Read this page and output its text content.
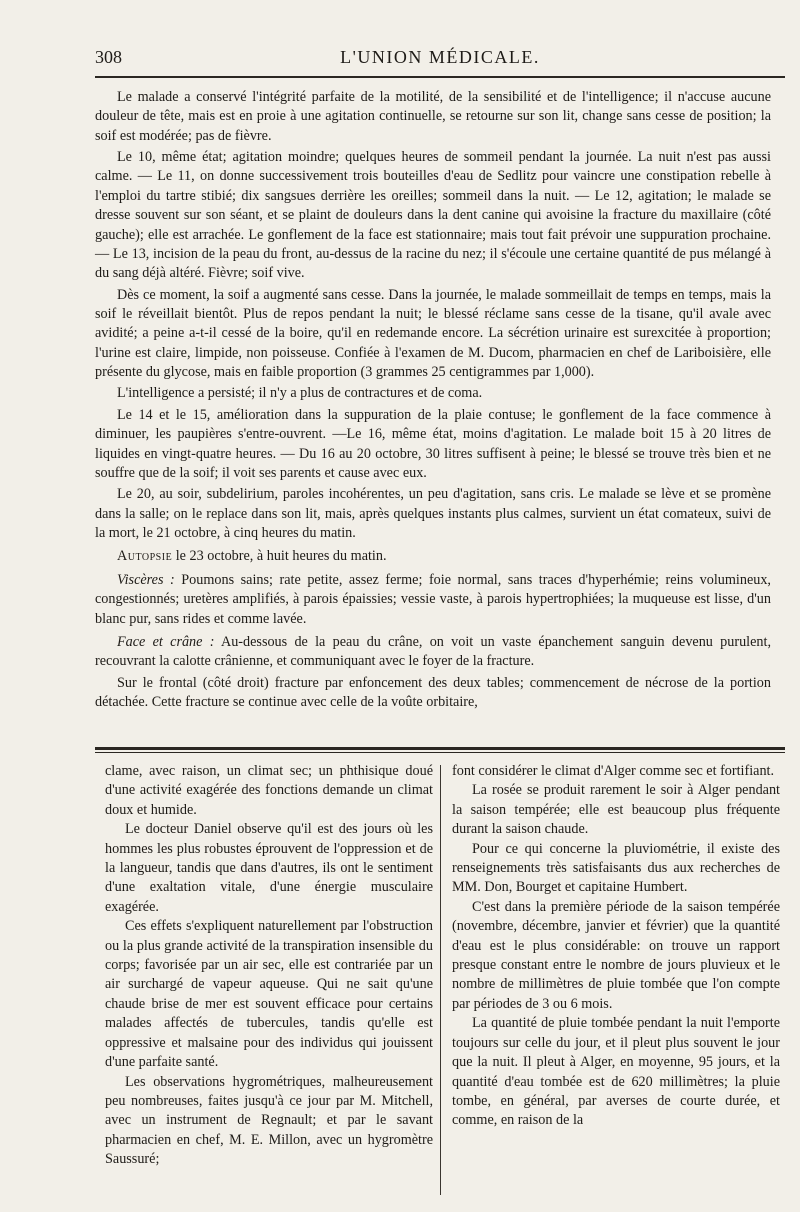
308	L'UNION MÉDICALE.

Le malade a conservé l'intégrité parfaite de la motilité, de la sensibilité et de l'intelligence; il n'accuse aucune douleur de tête, mais est en proie à une agitation continuelle, se retourne sur son lit, change sans cesse de position; la soif est modérée; pas de fièvre.

Le 10, même état; agitation moindre; quelques heures de sommeil pendant la journée. La nuit n'est pas aussi calme. — Le 11, on donne successivement trois bouteilles d'eau de Sedlitz pour vaincre une constipation rebelle à l'emploi du tartre stibié; dix sangsues derrière les oreilles; sommeil dans la nuit. — Le 12, agitation; le malade se dresse souvent sur son séant, et se plaint de douleurs dans la dent canine qui avoisine la fracture du maxillaire (côté gauche); elle est arrachée. Le gonflement de la face est stationnaire; mais tout fait prévoir une suppuration prochaine. — Le 13, incision de la peau du front, au-dessus de la racine du nez; il s'écoule une certaine quantité de pus mélangé à du sang déjà altéré. Fièvre; soif vive.

Dès ce moment, la soif a augmenté sans cesse. Dans la journée, le malade sommeillait de temps en temps, mais la soif le réveillait bientôt. Plus de repos pendant la nuit; le blessé réclame sans cesse de la tisane, qu'il avale avec avidité; a peine a-t-il cessé de la boire, qu'il en redemande encore. La sécrétion urinaire est surexcitée à proportion; l'urine est claire, limpide, non poisseuse. Confiée à l'examen de M. Ducom, pharmacien en chef de Lariboisière, elle présente du glycose, mais en faible proportion (3 grammes 25 centigrammes par 1,000).

L'intelligence a persisté; il n'y a plus de contractures et de coma.

Le 14 et le 15, amélioration dans la suppuration de la plaie contuse; le gonflement de la face commence à diminuer, les paupières s'entre-ouvrent. —Le 16, même état, moins d'agitation. Le malade boit 15 à 20 litres de liquides en vingt-quatre heures. — Du 16 au 20 octobre, 30 litres suffisent à peine; le blessé se trouve très bien et ne souffre que de la soif; il voit ses parents et cause avec eux.

Le 20, au soir, subdelirium, paroles incohérentes, un peu d'agitation, sans cris. Le malade se lève et se promène dans la salle; on le replace dans son lit, mais, après quelques instants plus calmes, survient un état comateux, suivi de la mort, le 21 octobre, à cinq heures du matin.

Autopsie le 23 octobre, à huit heures du matin.

Viscères : Poumons sains; rate petite, assez ferme; foie normal, sans traces d'hyperhémie; reins volumineux, congestionnés; uretères amplifiés, à parois épaissies; vessie vaste, à parois hypertrophiées; la muqueuse est lisse, d'un blanc pur, sans rides et comme lavée.

Face et crâne : Au-dessous de la peau du crâne, on voit un vaste épanchement sanguin devenu purulent, recouvrant la calotte crânienne, et communiquant avec le foyer de la fracture.

Sur le frontal (côté droit) fracture par enfoncement des deux tables; commencement de nécrose de la portion détachée. Cette fracture se continue avec celle de la voûte orbitaire,

clame, avec raison, un climat sec; un phthisique doué d'une activité exagérée des fonctions demande un climat doux et humide.

Le docteur Daniel observe qu'il est des jours où les hommes les plus robustes éprouvent de l'oppression et de la langueur, tandis que dans d'autres, ils ont le sentiment d'une exaltation vitale, d'une énergie musculaire exagérée.

Ces effets s'expliquent naturellement par l'obstruction ou la plus grande activité de la transpiration insensible du corps; favorisée par un air sec, elle est contrariée par un air surchargé de vapeur aqueuse. Qui ne sait qu'une chaude brise de mer est souvent efficace pour certains malades affectés de tubercules, tandis qu'elle est oppressive et malsaine pour des individus qui jouissent d'une parfaite santé.

Les observations hygrométriques, malheureusement peu nombreuses, faites jusqu'à ce jour par M. Mitchell, avec un instrument de Regnault; et par le savant pharmacien en chef, M. E. Millon, avec un hygromètre Saussuré;

font considérer le climat d'Alger comme sec et fortifiant.

La rosée se produit rarement le soir à Alger pendant la saison tempérée; elle est beaucoup plus fréquente durant la saison chaude.

Pour ce qui concerne la pluviométrie, il existe des renseignements très satisfaisants dus aux recherches de MM. Don, Bourget et capitaine Humbert.

C'est dans la première période de la saison tempérée (novembre, décembre, janvier et février) que la quantité d'eau est le plus considérable: on trouve un rapport presque constant entre le nombre de jours pluvieux et le nombre de millimètres de pluie tombée que l'on compte par périodes de 3 ou 6 mois.

La quantité de pluie tombée pendant la nuit l'emporte toujours sur celle du jour, et il pleut plus souvent le jour que la nuit. Il pleut à Alger, en moyenne, 95 jours, et la quantité d'eau tombée est de 620 millimètres; la pluie tombe, en général, par averses de courte durée, et comme, en raison de la
